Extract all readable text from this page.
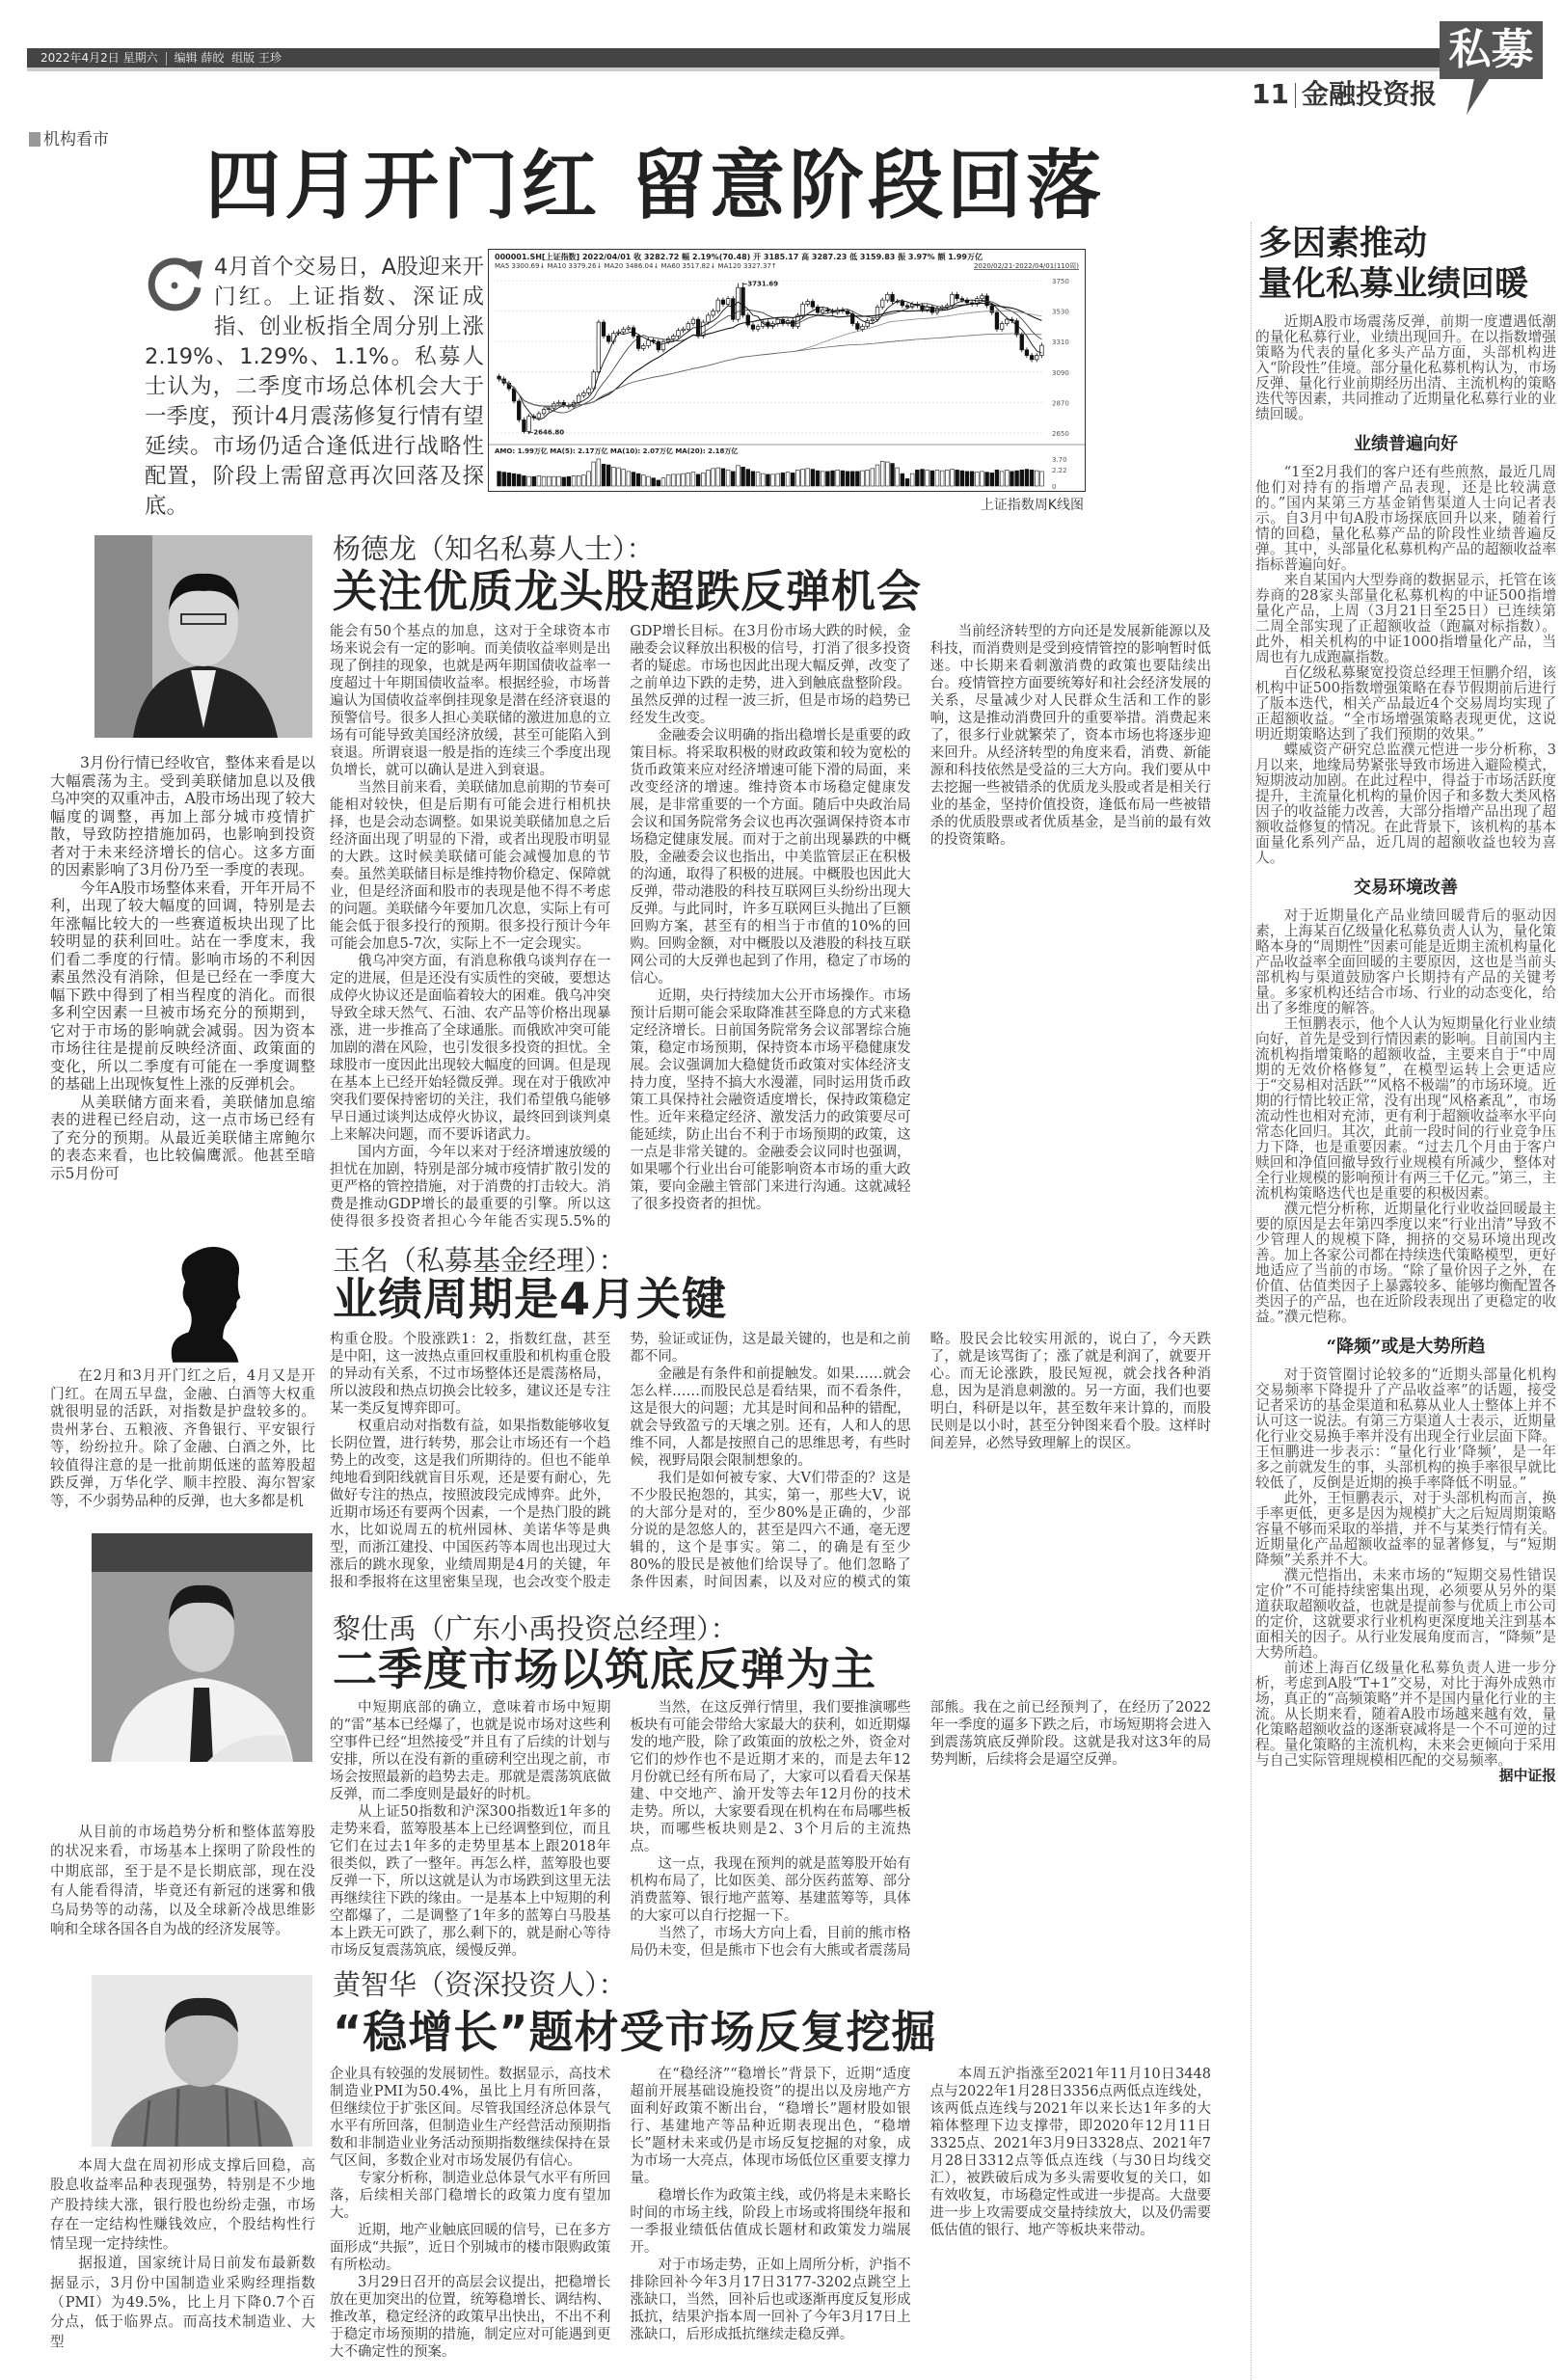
2022年4月2日 星期六 编辑 薛皎 组版 王珍	私募
11 金融投资报
机构看市
四月开门红 留意阶段回落
4月首个交易日，A股迎来开门红。上证指数、深证成指、创业板指全周分别上涨2.19%、1.29%、1.1%。私募人士认为，二季度市场总体机会大于一季度，预计4月震荡修复行情有望延续。市场仍适合逢低进行战略性配置，阶段上需留意再次回落及探底。
000001.SH[上证指数] 2022/04/01 收 3282.72 幅 2.19%(70.48) 开 3185.17 高 3287.23 低 3159.83 振 3.97% 额 1.99万亿
MA5 3300.69↓ MA10 3379.26↓ MA20 3486.04↓ MA60 3517.82↓ MA120 3327.37↑	2020/02/21-2022/04/01(110周)
AMO: 1.99万亿 MA(5): 2.17万亿 MA(10): 2.07万亿 MA(20): 2.18万亿
3750
3530
3310
3090
2870
2650
3.70
2.22
0
←3731.69
←2646.80
上证指数周K线图
杨德龙（知名私募人士）：
关注优质龙头股超跌反弹机会

3月份行情已经收官，整体来看是以大幅震荡为主。受到美联储加息以及俄乌冲突的双重冲击，A股市场出现了较大幅度的调整，再加上部分城市疫情扩散，导致防控措施加码，也影响到投资者对于未来经济增长的信心。这多方面的因素影响了3月份乃至一季度的表现。

今年A股市场整体来看，开年开局不利，出现了较大幅度的回调，特别是去年涨幅比较大的一些赛道板块出现了比较明显的获利回吐。站在一季度末，我们看二季度的行情。影响市场的不利因素虽然没有消除，但是已经在一季度大幅下跌中得到了相当程度的消化。而很多利空因素一旦被市场充分的预期到，它对于市场的影响就会减弱。因为资本市场往往是提前反映经济面、政策面的变化，所以二季度有可能在一季度调整的基础上出现恢复性上涨的反弹机会。

从美联储方面来看，美联储加息缩表的进程已经启动，这一点市场已经有了充分的预期。从最近美联储主席鲍尔的表态来看，也比较偏鹰派。他甚至暗示5月份可

能会有50个基点的加息，这对于全球资本市场来说会有一定的影响。而美债收益率则是出现了倒挂的现象，也就是两年期国债收益率一度超过十年期国债收益率。根据经验，市场普遍认为国债收益率倒挂现象是潜在经济衰退的预警信号。很多人担心美联储的激进加息的立场有可能导致美国经济放缓，甚至可能陷入到衰退。所谓衰退一般是指的连续三个季度出现负增长，就可以确认是进入到衰退。

当然目前来看，美联储加息前期的节奏可能相对较快，但是后期有可能会进行相机抉择，也是会动态调整。如果说美联储加息之后经济面出现了明显的下滑，或者出现股市明显的大跌。这时候美联储可能会减慢加息的节奏。虽然美联储目标是维持物价稳定、保障就业，但是经济面和股市的表现是他不得不考虑的问题。美联储今年要加几次息，实际上有可能会低于很多投行的预期。很多投行预计今年可能会加息5-7次，实际上不一定会现实。

俄乌冲突方面，有消息称俄乌谈判存在一定的进展，但是还没有实质性的突破，要想达成停火协议还是面临着较大的困难。俄乌冲突导致全球天然气、石油、农产品等价格出现暴涨，进一步推高了全球通胀。而俄欧冲突可能加剧的潜在风险，也引发很多投资的担忧。全球股市一度因此出现较大幅度的回调。但是现在基本上已经开始轻微反弹。现在对于俄欧冲突我们要保持密切的关注，我们希望俄乌能够早日通过谈判达成停火协议，最终回到谈判桌上来解决问题，而不要诉诸武力。

国内方面，今年以来对于经济增速放缓的担忧在加剧，特别是部分城市疫情扩散引发的更严格的管控措施，对于消费的打击较大。消费是推动GDP增长的最重要的引擎。所以这使得很多投资者担心今年能否实现5.5%的GDP增长目标。在3月份市场大跌的时候，金融委会议释放出积极的信号，打消了很多投资者的疑虑。市场也因此出现大幅反弹，改变了之前单边下跌的走势，进入到触底盘整阶段。虽然反弹的过程一波三折，但是市场的趋势已经发生改变。

金融委会议明确的指出稳增长是重要的政策目标。将采取积极的财政政策和较为宽松的货币政策来应对经济增速可能下滑的局面，来改变经济的增速。维持资本市场稳定健康发展，是非常重要的一个方面。随后中央政治局会议和国务院常务会议也再次强调保持资本市场稳定健康发展。而对于之前出现暴跌的中概股，金融委会议也指出，中美监管层正在积极的沟通，取得了积极的进展。中概股也因此大反弹，带动港股的科技互联网巨头纷纷出现大反弹。与此同时，许多互联网巨头抛出了巨额回购方案，甚至有的相当于市值的10%的回购。回购金额，对中概股以及港股的科技互联网公司的大反弹也起到了作用，稳定了市场的信心。

近期，央行持续加大公开市场操作。市场预计后期可能会采取降准甚至降息的方式来稳定经济增长。日前国务院常务会议部署综合施策，稳定市场预期，保持资本市场平稳健康发展。会议强调加大稳健货币政策对实体经济支持力度，坚持不搞大水漫灌，同时运用货币政策工具保持社会融资适度增长，保持政策稳定性。近年来稳定经济、激发活力的政策要尽可能延续，防止出台不利于市场预期的政策，这一点是非常关键的。金融委会议同时也强调，如果哪个行业出台可能影响资本市场的重大政策，要向金融主管部门来进行沟通。这就减轻了很多投资者的担忧。

当前经济转型的方向还是发展新能源以及科技，而消费则是受到疫情管控的影响暂时低迷。中长期来看刺激消费的政策也要陆续出台。疫情管控方面要统筹好和社会经济发展的关系，尽量减少对人民群众生活和工作的影响，这是推动消费回升的重要举措。消费起来了，很多行业就繁荣了，资本市场也将逐步迎来回升。从经济转型的角度来看，消费、新能源和科技依然是受益的三大方向。我们要从中去挖掘一些被错杀的优质龙头股或者是相关行业的基金，坚持价值投资，逢低布局一些被错杀的优质股票或者优质基金，是当前的最有效的投资策略。

玉名（私募基金经理）：
业绩周期是4月关键

在2月和3月开门红之后，4月又是开门红。在周五早盘，金融、白酒等大权重就很明显的活跃，对指数是护盘较多的。贵州茅台、五粮液、齐鲁银行、平安银行等，纷纷拉升。除了金融、白酒之外，比较值得注意的是一批前期低迷的蓝筹股超跌反弹，万华化学、顺丰控股、海尔智家等，不少弱势品种的反弹，也大多都是机

构重仓股。个股涨跌1：2，指数红盘，甚至是中阳，这一波热点重回权重股和机构重仓股的异动有关系，不过市场整体还是震荡格局，所以波段和热点切换会比较多，建议还是专注某一类反复博弈即可。

权重启动对指数有益，如果指数能够收复长阴位置，进行转势，那会让市场还有一个趋势上的改变，这是我们所期待的。但也不能单纯地看到阳线就盲目乐观，还是要有耐心，先做好专注的热点，按照波段完成博弈。此外，近期市场还有要两个因素，一个是热门股的跳水，比如说周五的杭州园林、美诺华等是典型，而浙江建投、中国医药等本周也出现过大涨后的跳水现象，业绩周期是4月的关键，年报和季报将在这里密集呈现，也会改变个股走势，验证或证伪，这是最关键的，也是和之前都不同。

金融是有条件和前提触发。如果……就会怎么样……而股民总是看结果，而不看条件，这是很大的问题；尤其是时间和品种的错配，就会导致盈亏的天壤之别。还有，人和人的思维不同，人都是按照自己的思维思考，有些时候，视野局限会限制想象的。

我们是如何被专家、大V们带歪的？这是不少股民抱怨的，其实，第一，那些大V，说的大部分是对的，至少80%是正确的，少部分说的是忽悠人的，甚至是四六不通，毫无逻辑的，这个是事实。第二，的确是有至少80%的股民是被他们给误导了。他们忽略了条件因素，时间因素，以及对应的模式的策略。股民会比较实用派的，说白了，今天跌了，就是该骂街了；涨了就是利润了，就要开心。而无论涨跌，股民短视，就会找各种消息，因为是消息刺激的。另一方面，我们也要明白，科研是以年，甚至数年来计算的，而股民则是以小时，甚至分钟图来看个股。这样时间差异，必然导致理解上的误区。

黎仕禹（广东小禹投资总经理）：
二季度市场以筑底反弹为主

从目前的市场趋势分析和整体蓝筹股的状况来看，市场基本上探明了阶段性的中期底部，至于是不是长期底部，现在没有人能看得清，毕竟还有新冠的迷雾和俄乌局势等的动荡，以及全球新冷战思维影响和全球各国各自为战的经济发展等。

中短期底部的确立，意味着市场中短期的“雷”基本已经爆了，也就是说市场对这些利空事件已经“坦然接受”并且有了后续的计划与安排，所以在没有新的重磅利空出现之前，市场会按照最新的趋势去走。那就是震荡筑底做反弹，而二季度则是最好的时机。

从上证50指数和沪深300指数近1年多的走势来看，蓝筹股基本上已经调整到位，而且它们在过去1年多的走势里基本上跟2018年很类似，跌了一整年。再怎么样，蓝筹股也要反弹一下，所以这就是认为市场跌到这里无法再继续往下跌的缘由。一是基本上中短期的利空都爆了，二是调整了1年多的蓝筹白马股基本上跌无可跌了，那么剩下的，就是耐心等待市场反复震荡筑底，缓慢反弹。

当然，在这反弹行情里，我们要推演哪些板块有可能会带给大家最大的获利，如近期爆发的地产股，除了政策面的放松之外，资金对它们的炒作也不是近期才来的，而是去年12月份就已经有所布局了，大家可以看看天保基建、中交地产、渝开发等去年12月份的技术走势。所以，大家要看现在机构在布局哪些板块，而哪些板块则是2、3个月后的主流热点。

这一点，我现在预判的就是蓝筹股开始有机构布局了，比如医美、部分医药蓝筹、部分消费蓝筹、银行地产蓝筹、基建蓝筹等，具体的大家可以自行挖掘一下。

当然了，市场大方向上看，目前的熊市格局仍未变，但是熊市下也会有大熊或者震荡局部熊。我在之前已经预判了，在经历了2022年一季度的逼多下跌之后，市场短期将会进入到震荡筑底反弹阶段。这就是我对这3年的局势判断，后续将会是逼空反弹。

黄智华（资深投资人）：
“稳增长”题材受市场反复挖掘

本周大盘在周初形成支撑后回稳，高股息收益率品种表现强势，特别是不少地产股持续大涨，银行股也纷纷走强，市场存在一定结构性赚钱效应，个股结构性行情呈现一定持续性。

据报道，国家统计局日前发布最新数据显示，3月份中国制造业采购经理指数（PMI）为49.5%，比上月下降0.7个百分点，低于临界点。而高技术制造业、大型

企业具有较强的发展韧性。数据显示，高技术制造业PMI为50.4%，虽比上月有所回落，但继续位于扩张区间。尽管我国经济总体景气水平有所回落，但制造业生产经营活动预期指数和非制造业业务活动预期指数继续保持在景气区间，多数企业对市场发展仍有信心。

专家分析称，制造业总体景气水平有所回落，后续相关部门稳增长的政策力度有望加大。

近期，地产业触底回暖的信号，已在多方面形成“共振”，近日个别城市的楼市限购政策有所松动。

3月29日召开的高层会议提出，把稳增长放在更加突出的位置，统筹稳增长、调结构、推改革，稳定经济的政策早出快出，不出不利于稳定市场预期的措施，制定应对可能遇到更大不确定性的预案。

在“稳经济”“稳增长”背景下，近期“适度超前开展基础设施投资”的提出以及房地产方面利好政策不断出台，“稳增长”题材股如银行、基建地产等品种近期表现出色，“稳增长”题材未来或仍是市场反复挖掘的对象，成为市场一大亮点，体现市场低位区重要支撑力量。

稳增长作为政策主线，或仍将是未来略长时间的市场主线，阶段上市场或将围绕年报和一季报业绩低估值成长题材和政策发力端展开。

对于市场走势，正如上周所分析，沪指不排除回补今年3月17日3177-3202点跳空上涨缺口，当然，回补后也或逐渐再度反复形成抵抗，结果沪指本周一回补了今年3月17日上涨缺口，后形成抵抗继续走稳反弹。

本周五沪指涨至2021年11月10日3448点与2022年1月28日3356点两低点连线处，该两低点连线与2021年以来长达1年多的大箱体整理下边支撑带，即2020年12月11日3325点、2021年3月9日3328点、2021年7月28日3312点等低点连线（与30日均线交汇），被跌破后成为多头需要收复的关口，如有效收复，市场稳定性或进一步提高。大盘要进一步上攻需要成交量持续放大，以及仍需要低估值的银行、地产等板块来带动。

多因素推动
量化私募业绩回暖

近期A股市场震荡反弹，前期一度遭遇低潮的量化私募行业，业绩出现回升。在以指数增强策略为代表的量化多头产品方面，头部机构进入“阶段性”佳境。部分量化私募机构认为，市场反弹、量化行业前期经历出清、主流机构的策略迭代等因素，共同推动了近期量化私募行业的业绩回暖。

业绩普遍向好

“1至2月我们的客户还有些煎熬，最近几周他们对持有的指增产品表现，还是比较满意的。”国内某第三方基金销售渠道人士向记者表示。自3月中旬A股市场探底回升以来，随着行情的回稳，量化私募产品的阶段性业绩普遍反弹。其中，头部量化私募机构产品的超额收益率指标普遍向好。

来自某国内大型券商的数据显示，托管在该券商的28家头部量化私募机构的中证500指增量化产品，上周（3月21日至25日）已连续第二周全部实现了正超额收益（跑赢对标指数）。此外，相关机构的中证1000指增量化产品，当周也有九成跑赢指数。

百亿级私募聚宽投资总经理王恒鹏介绍，该机构中证500指数增强策略在春节假期前后进行了版本迭代，相关产品最近4个交易周均实现了正超额收益。“全市场增强策略表现更优，这说明近期策略达到了我们预期的效果。”

蝶威资产研究总监濮元恺进一步分析称，3月以来，地缘局势紧张导致市场进入避险模式，短期波动加剧。在此过程中，得益于市场活跃度提升，主流量化机构的量价因子和多数大类风格因子的收益能力改善，大部分指增产品出现了超额收益修复的情况。在此背景下，该机构的基本面量化系列产品，近几周的超额收益也较为喜人。

交易环境改善

对于近期量化产品业绩回暖背后的驱动因素，上海某百亿级量化私募负责人认为，量化策略本身的“周期性”因素可能是近期主流机构量化产品收益率全面回暖的主要原因，这也是当前头部机构与渠道鼓励客户长期持有产品的关键考量。多家机构还结合市场、行业的动态变化，给出了多维度的解答。

王恒鹏表示，他个人认为短期量化行业业绩向好，首先是受到行情因素的影响。目前国内主流机构指增策略的超额收益，主要来自于“中周期的无效价格修复”，在模型运转上会更适应于“交易相对活跃”“风格不极端”的市场环境。近期的行情比较正常，没有出现“风格紊乱”，市场流动性也相对充沛，更有利于超额收益率水平向常态化回归。其次，此前一段时间的行业竞争压力下降，也是重要因素。“过去几个月由于客户赎回和净值回撤导致行业规模有所减少，整体对全行业规模的影响预计有两三千亿元。”第三，主流机构策略迭代也是重要的积极因素。

濮元恺分析称，近期量化行业收益回暖最主要的原因是去年第四季度以来“行业出清”导致不少管理人的规模下降，拥挤的交易环境出现改善。加上各家公司都在持续迭代策略模型，更好地适应了当前的市场。“除了量价因子之外，在价值、估值类因子上暴露较多、能够均衡配置各类因子的产品，也在近阶段表现出了更稳定的收益。”濮元恺称。

“降频”或是大势所趋

对于资管圈讨论较多的“近期头部量化机构交易频率下降提升了产品收益率”的话题，接受记者采访的基金渠道和私募从业人士整体上并不认可这一说法。有第三方渠道人士表示，近期量化行业交易换手率并没有出现全行业层面下降。王恒鹏进一步表示：“量化行业‘降频’，是一年多之前就发生的事，头部机构的换手率很早就比较低了，反倒是近期的换手率降低不明显。”

此外，王恒鹏表示，对于头部机构而言，换手率更低，更多是因为规模扩大之后短周期策略容量不够而采取的举措，并不与某类行情有关。近期量化产品超额收益率的显著修复，与“短期降频”关系并不大。

濮元恺指出，未来市场的“短期交易性错误定价”不可能持续密集出现，必须要从另外的渠道获取超额收益，也就是提前参与优质上市公司的定价，这就要求行业机构更深度地关注到基本面相关的因子。从行业发展角度而言，“降频”是大势所趋。

前述上海百亿级量化私募负责人进一步分析，考虑到A股“T+1”交易，对比于海外成熟市场，真正的“高频策略”并不是国内量化行业的主流。从长期来看，随着A股市场越来越有效，量化策略超额收益的逐渐衰减将是一个不可逆的过程。量化策略的主流机构，未来会更倾向于采用与自己实际管理规模相匹配的交易频率。
据中证报
